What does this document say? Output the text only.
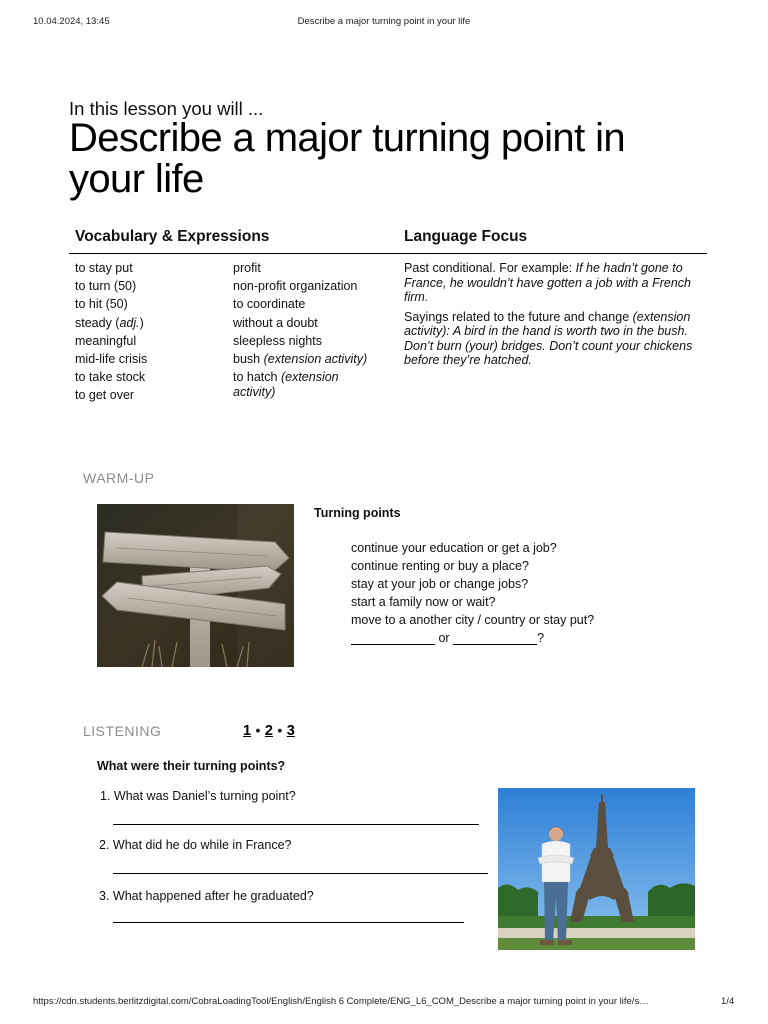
10.04.2024, 13:45	Describe a major turning point in your life
In this lesson you will ...
Describe a major turning point in your life
Vocabulary & Expressions	Language Focus
to stay put
to turn (50)
to hit (50)
steady (adj.)
meaningful
mid-life crisis
to take stock
to get over
profit
non-profit organization
to coordinate
without a doubt
sleepless nights
bush (extension activity)
to hatch (extension activity)

Past conditional. For example: If he hadn’t gone to France, he wouldn’t have gotten a job with a French firm.

Sayings related to the future and change (extension activity): A bird in the hand is worth two in the bush. Don’t burn (your) bridges. Don’t count your chickens before they’re hatched.

WARM-UP
Turning points
continue your education or get a job?
continue renting or buy a place?
stay at your job or change jobs?
start a family now or wait?
move to a another city / country or stay put?
or	?
LISTENING	1 • 2 • 3
What were their turning points?
1. What was Daniel’s turning point?
2. What did he do while in France?
3. What happened after he graduated?
https://cdn.students.berlitzdigital.com/CobraLoadingTool/English/English 6 Complete/ENG_L6_COM_Describe a major turning point in your life/s…	1/4
